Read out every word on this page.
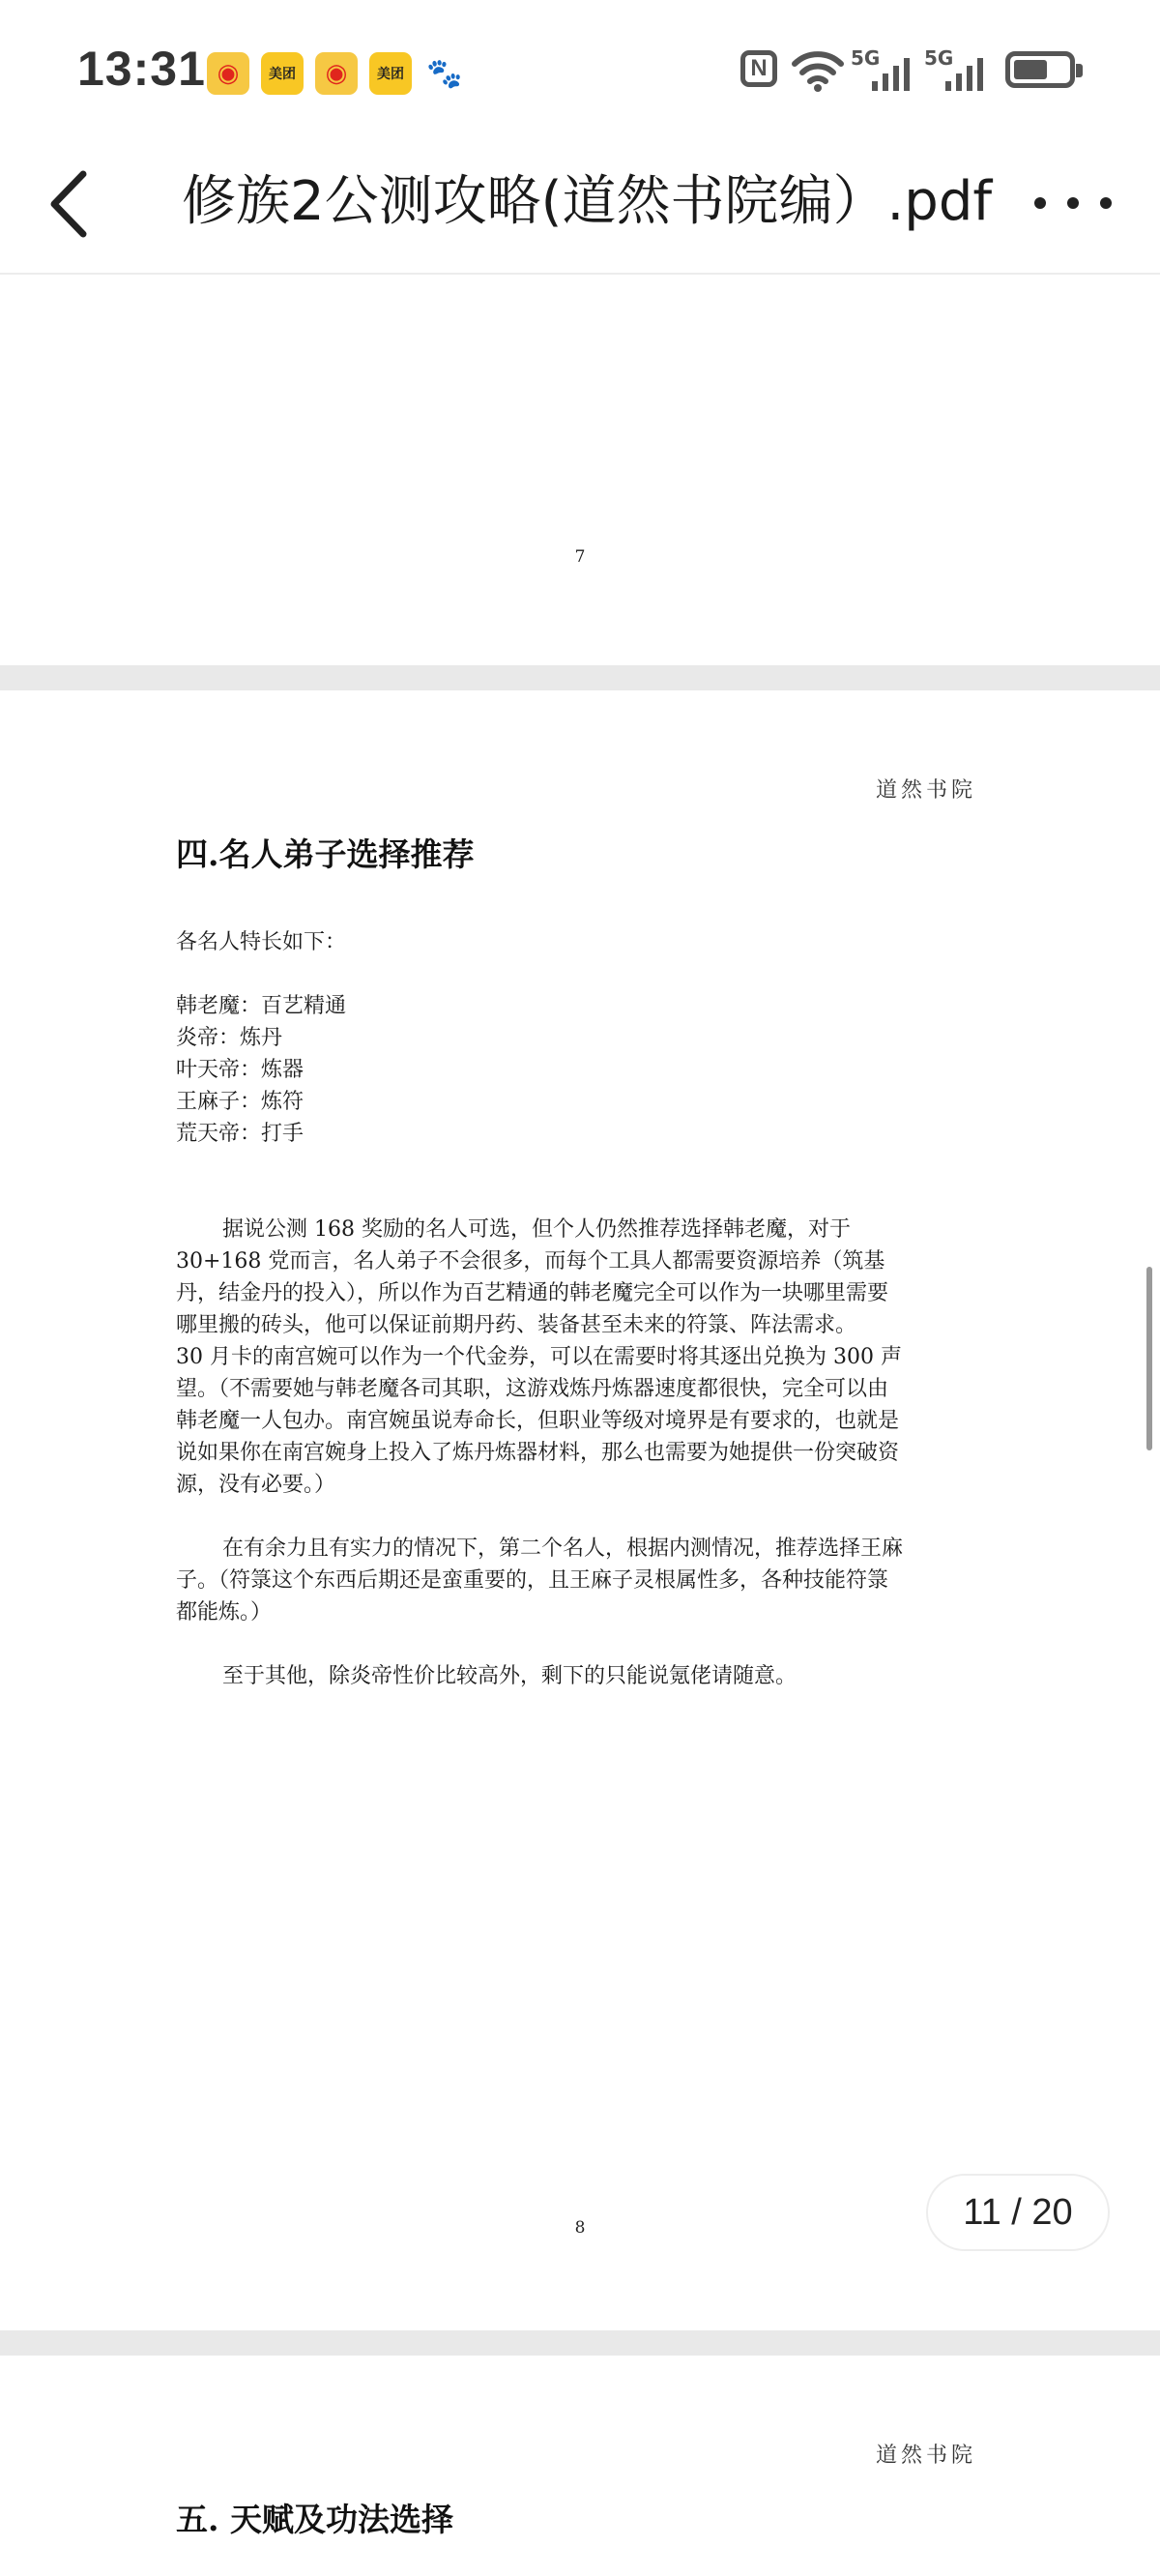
13:31 ◉	美团	◉	美团 🐾	N	5G 5G
修族2公测攻略(道然书院编）.pdf
7
道然书院
四.名人弟子选择推荐
各名人特长如下：
韩老魔：百艺精通
炎帝：炼丹
叶天帝：炼器
王麻子：炼符
荒天帝：打手
据说公测 168 奖励的名人可选，但个人仍然推荐选择韩老魔，对于
30+168 党而言，名人弟子不会很多，而每个工具人都需要资源培养（筑基
丹，结金丹的投入），所以作为百艺精通的韩老魔完全可以作为一块哪里需要
哪里搬的砖头，他可以保证前期丹药、装备甚至未来的符箓、阵法需求。
30 月卡的南宫婉可以作为一个代金券，可以在需要时将其逐出兑换为 300 声
望。（不需要她与韩老魔各司其职，这游戏炼丹炼器速度都很快，完全可以由
韩老魔一人包办。南宫婉虽说寿命长，但职业等级对境界是有要求的，也就是
说如果你在南宫婉身上投入了炼丹炼器材料，那么也需要为她提供一份突破资
源，没有必要。）
在有余力且有实力的情况下，第二个名人，根据内测情况，推荐选择王麻
子。（符箓这个东西后期还是蛮重要的，且王麻子灵根属性多，各种技能符箓
都能炼。）
至于其他，除炎帝性价比较高外，剩下的只能说氪佬请随意。
8
道然书院
五. 天赋及功法选择
11 / 20
